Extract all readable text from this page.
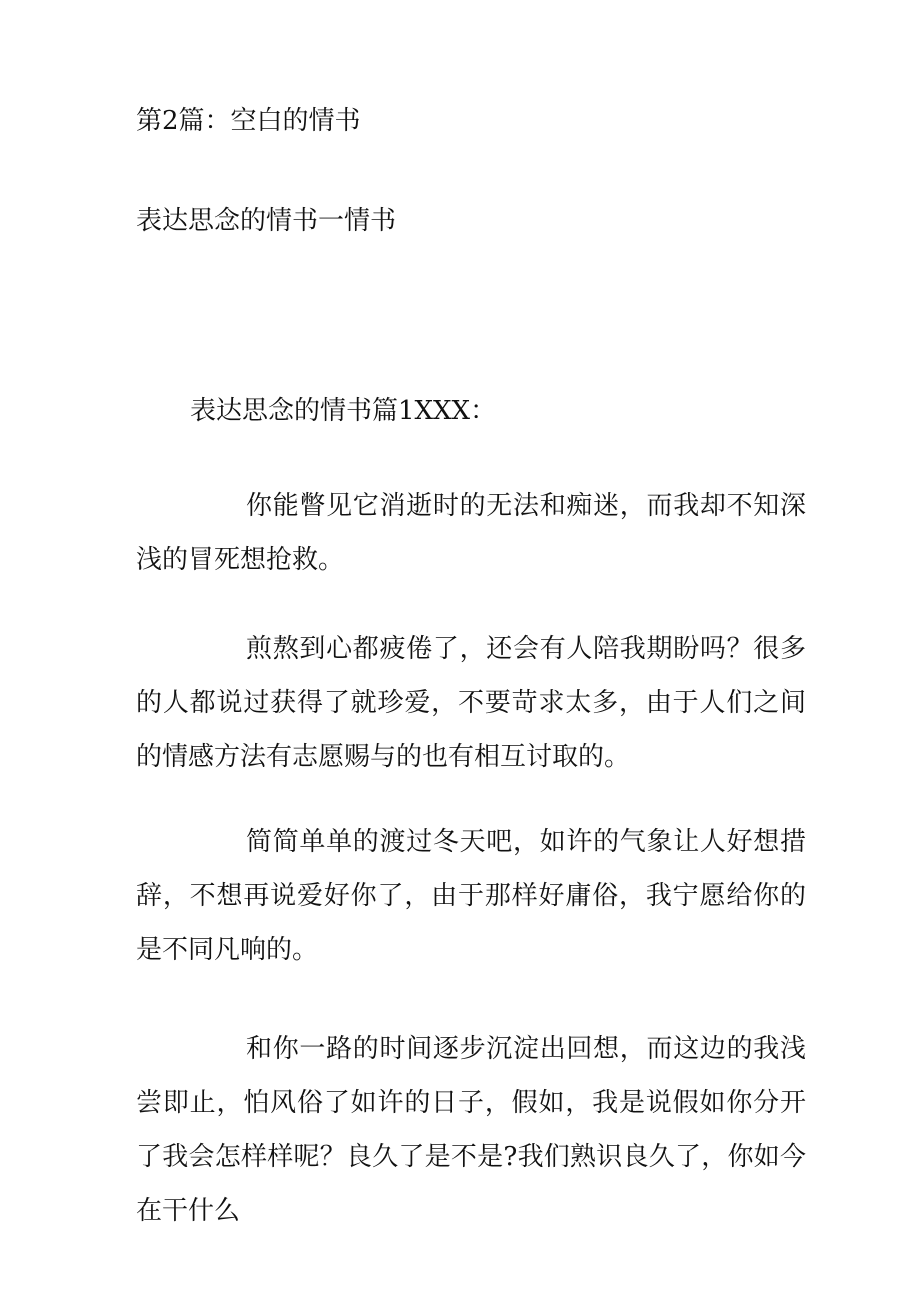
第2篇：空白的情书
表达思念的情书一情书
表达思念的情书篇1XXX：
你能瞥见它消逝时的无法和痴迷，而我却不知深浅的冒死想抢救。
煎熬到心都疲倦了，还会有人陪我期盼吗？很多的人都说过获得了就珍爱，不要苛求太多，由于人们之间的情感方法有志愿赐与的也有相互讨取的。
简简单单的渡过冬天吧，如许的气象让人好想措辞，不想再说爱好你了，由于那样好庸俗，我宁愿给你的是不同凡响的。
和你一路的时间逐步沉淀出回想，而这边的我浅尝即止，怕风俗了如许的日子，假如，我是说假如你分开了我会怎样样呢？良久了是不是?我们熟识良久了，你如今在干什么
